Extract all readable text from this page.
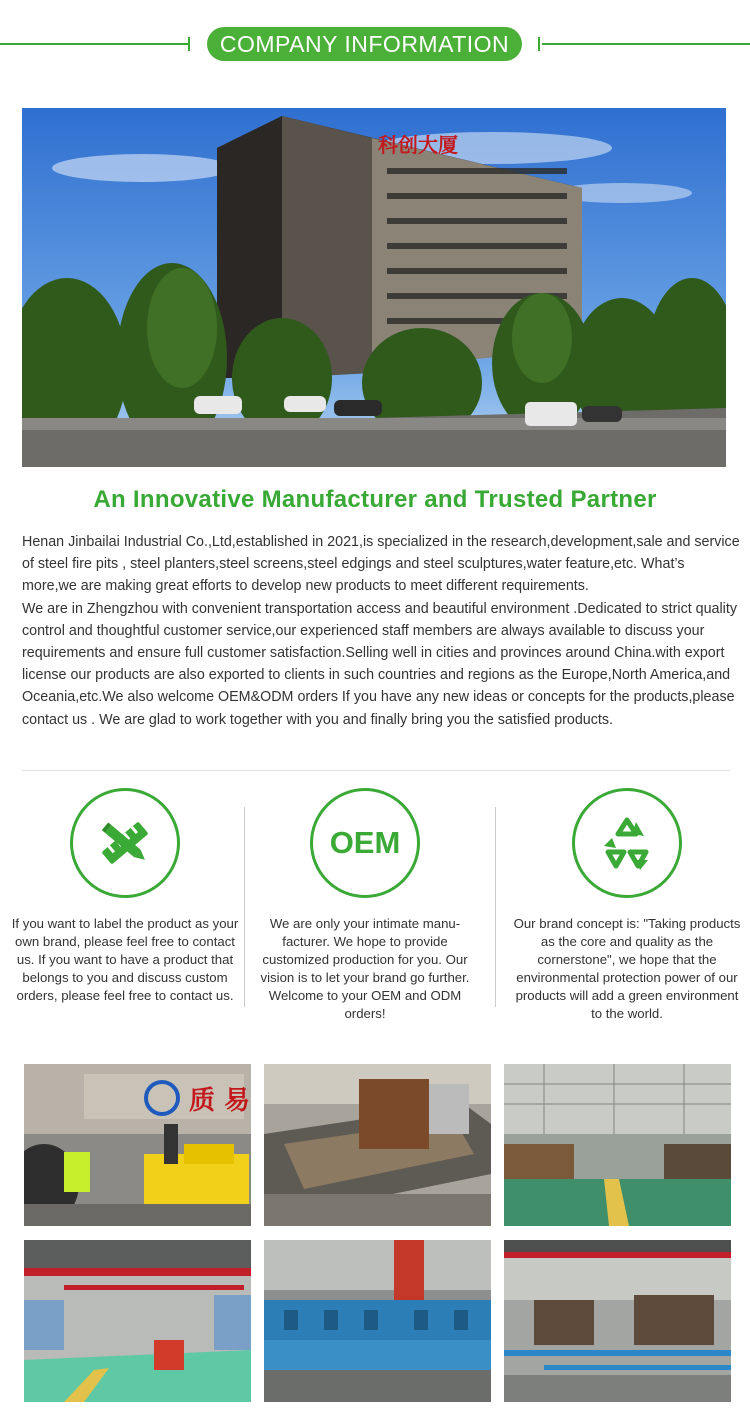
COMPANY INFORMATION
科创大厦
An Innovative Manufacturer and Trusted Partner

Henan Jinbailai Industrial Co.,Ltd,established in 2021,is specialized in the research,development,sale and service of steel fire pits , steel planters,steel screens,steel edgings and steel sculptures,water feature,etc. What’s more,we are making great efforts to develop new products to meet different requirements.

We are in Zhengzhou with convenient transportation access and beautiful environment .Dedicated to strict quality control and thoughtful customer service,our experienced staff members are always available to discuss your requirements and ensure full customer satisfaction.Selling well in cities and provinces around China.with export license our products are also exported to clients in such countries and regions as the Europe,North America,and Oceania,etc.We also welcome OEM&ODM orders If you have any new ideas or concepts for the products,please contact us . We are glad to work together with you and finally bring you the satisfied products.

If you want to label the product as your own brand, please feel free to contact us. If you want to have a product that belongs to you and discuss custom orders, please feel free to contact us.
OEM
We are only your intimate manu-facturer. We hope to provide customized production for you. Our vision is to let your brand go further. Welcome to your OEM and ODM orders!
Our brand concept is: "Taking products as the core and quality as the cornerstone", we hope that the environmental protection power of our products will add a green environment to the world.
质 易
